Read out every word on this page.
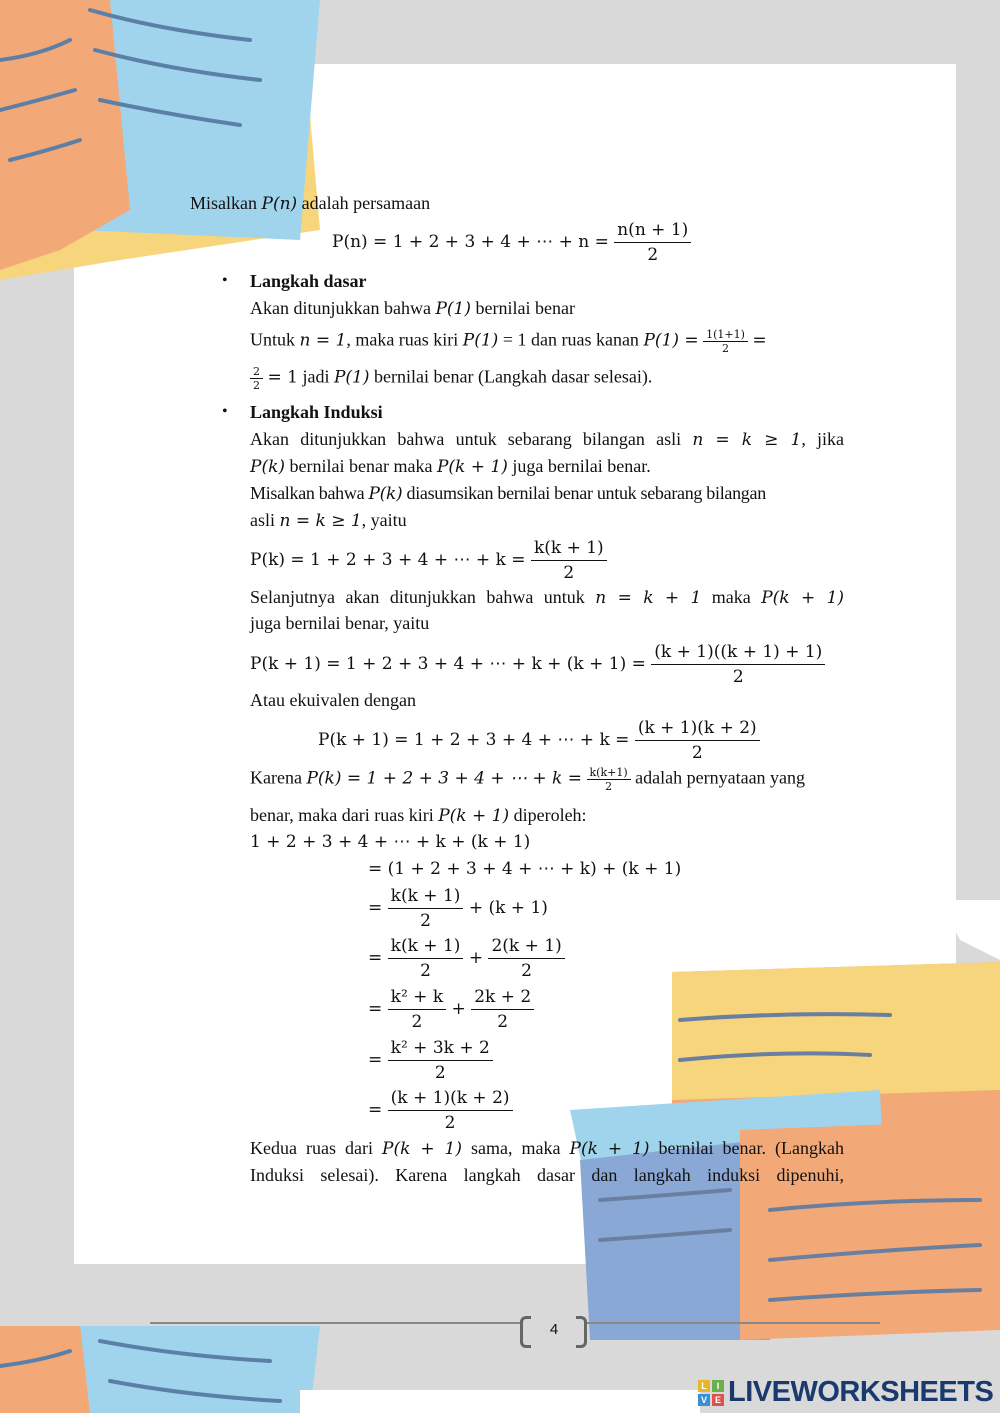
Misalkan P(n) adalah persamaan
P(n) = 1 + 2 + 3 + 4 + ⋯ + $n = \frac{n(n + 1)}{2}$
• Langkah dasar
Akan ditunjukkan bahwa P(1) bernilai benar
Untuk n = 1, maka ruas kiri P(1) = 1 dan ruas kanan $P(1) = \frac{1(1+1)}{2}$ =
$\frac{2}{2} = 1$ jadi P(1) bernilai benar (Langkah dasar selesai).
• Langkah Induksi
Akan ditunjukkan bahwa untuk sebarang bilangan asli n = k ≥ 1, jika
P(k) bernilai benar maka P(k + 1) juga bernilai benar.
Misalkan bahwa P(k) diasumsikan bernilai benar untuk sebarang bilangan
asli n = k ≥ 1, yaitu
P(k) = 1 + 2 + 3 + 4 + ⋯ + $k = \frac{k(k + 1)}{2}$
Selanjutnya akan ditunjukkan bahwa untuk n = k + 1 maka P(k + 1)
juga bernilai benar, yaitu
P(k + 1) = 1 + 2 + 3 + 4 + ⋯ + $k + (k + 1) = \frac{(k + 1)((k + 1) + 1)}{2}$
Atau ekuivalen dengan
P(k + 1) = 1 + 2 + 3 + 4 + ⋯ + $k = \frac{(k + 1)(k + 2)}{2}$
Karena P(k) = 1 + 2 + 3 + 4 + ⋯ + $k = \frac{k(k+1)}{2}$ adalah pernyataan yang
benar, maka dari ruas kiri P(k + 1) diperoleh:
1 + 2 + 3 + 4 + ⋯ + k + (k + 1)
= (1 + 2 + 3 + 4 + ⋯ + k) + (k + 1)
= $\frac{k(k + 1)}{2} + (k + 1)$
= $\frac{k(k + 1)}{2} + \frac{2(k + 1)}{2}$
= $\frac{\text{k² + k}}{2} + \frac{2k + 2}{2}$
= $\frac{\text{k² + 3k + 2}}{2}$
= $\frac{(k + 1)(k + 2)}{2}$
Kedua ruas dari P(k + 1) sama, maka P(k + 1) bernilai benar. (Langkah
Induksi selesai). Karena langkah dasar dan langkah induksi dipenuhi,
4
L	I
V E LIVEWORKSHEETS
